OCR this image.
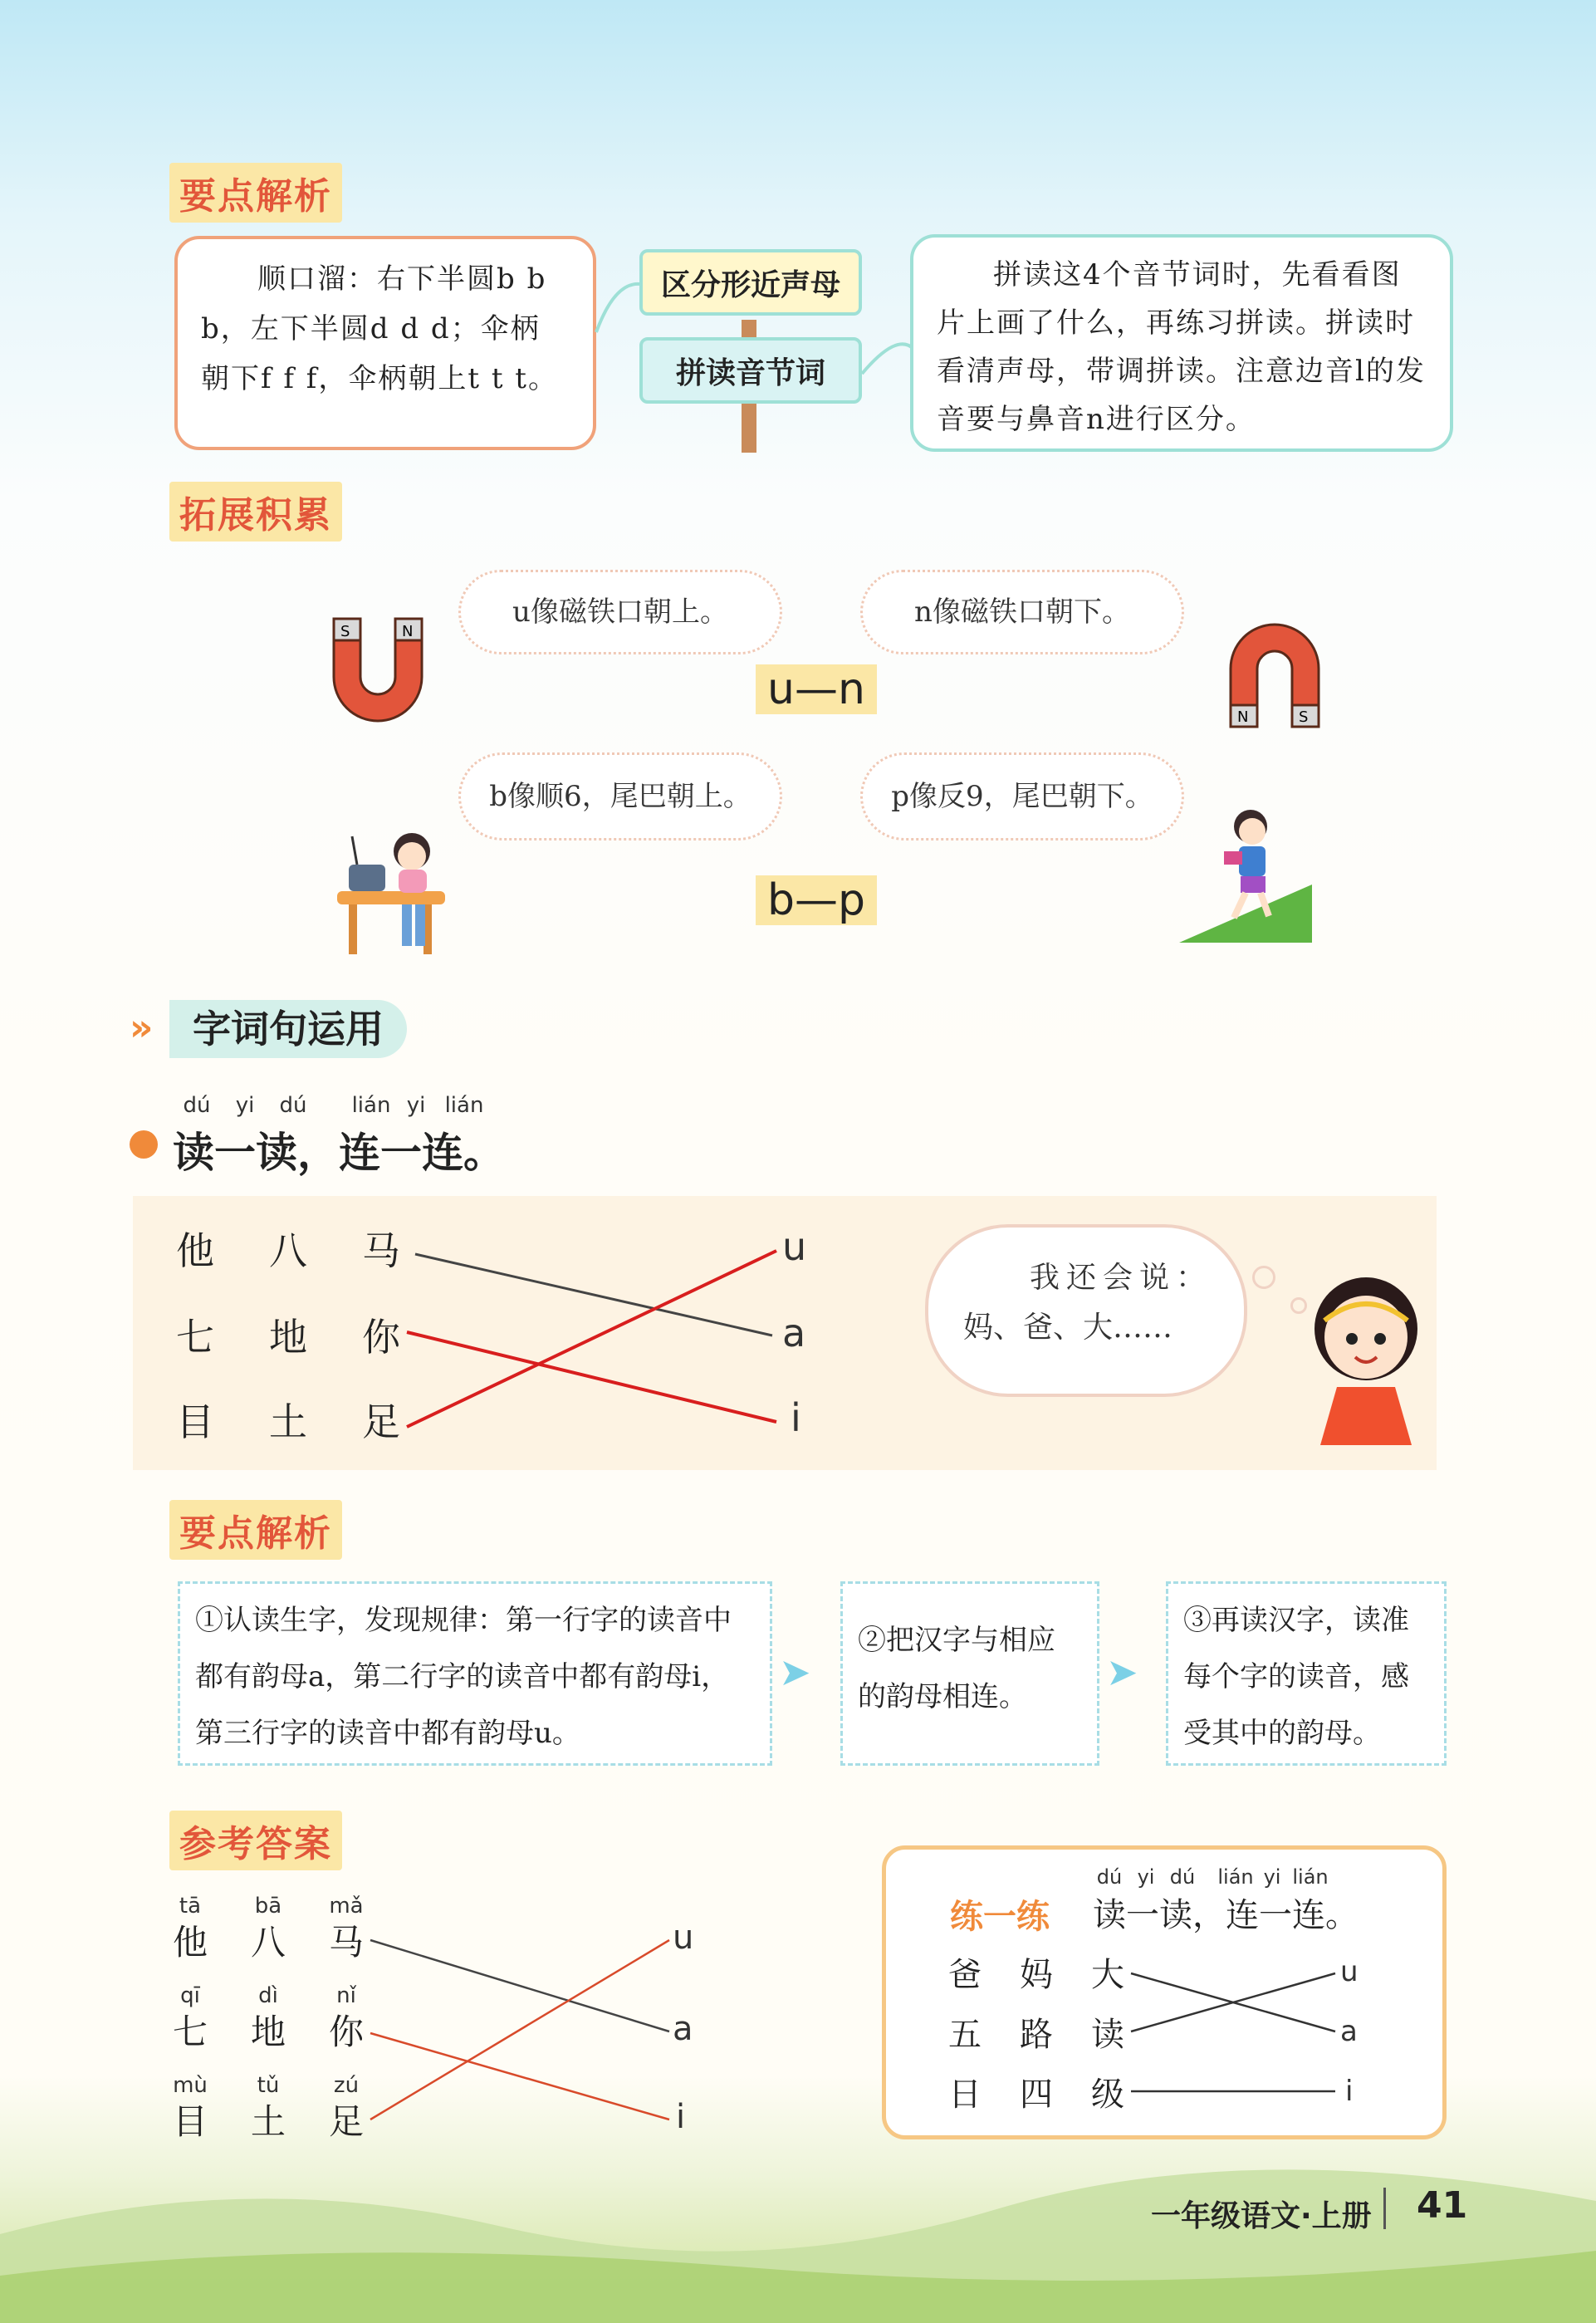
要点解析
顺口溜：右下半圆b b b，左下半圆d d d；伞柄朝下f f f，伞柄朝上t t t。
区分形近声母
拼读音节词
拼读这4个音节词时，先看看图片上画了什么，再练习拼读。拼读时看清声母，带调拼读。注意边音l的发音要与鼻音n进行区分。
拓展积累
S	N
N	S
u像磁铁口朝上。	n像磁铁口朝下。
u—n
b像顺6，尾巴朝上。	p像反9，尾巴朝下。
b—p
»	字词句运用
dú	yi	dú	lián yi lián
读一读，连一连。
他 八 马
七 地 你
目 土 足
u
a
i
我还会说：
妈、爸、大……
要点解析
①认读生字，发现规律：第一行字的读音中都有韵母a，第二行字的读音中都有韵母i，第三行字的读音中都有韵母u。
➤
②把汉字与相应的韵母相连。
➤
③再读汉字，读准每个字的读音，感受其中的韵母。
参考答案
tā	bā	mǎ
他 八 马
qī	dì	nǐ
七 地 你
mù	tǔ	zú
目 土 足
u
a
i
练一练
dú yi dú	lián yi lián
读一读，连一连。
爸 妈 大
五 路 读
日 四 级
u
a
i
一年级语文·上册 41
